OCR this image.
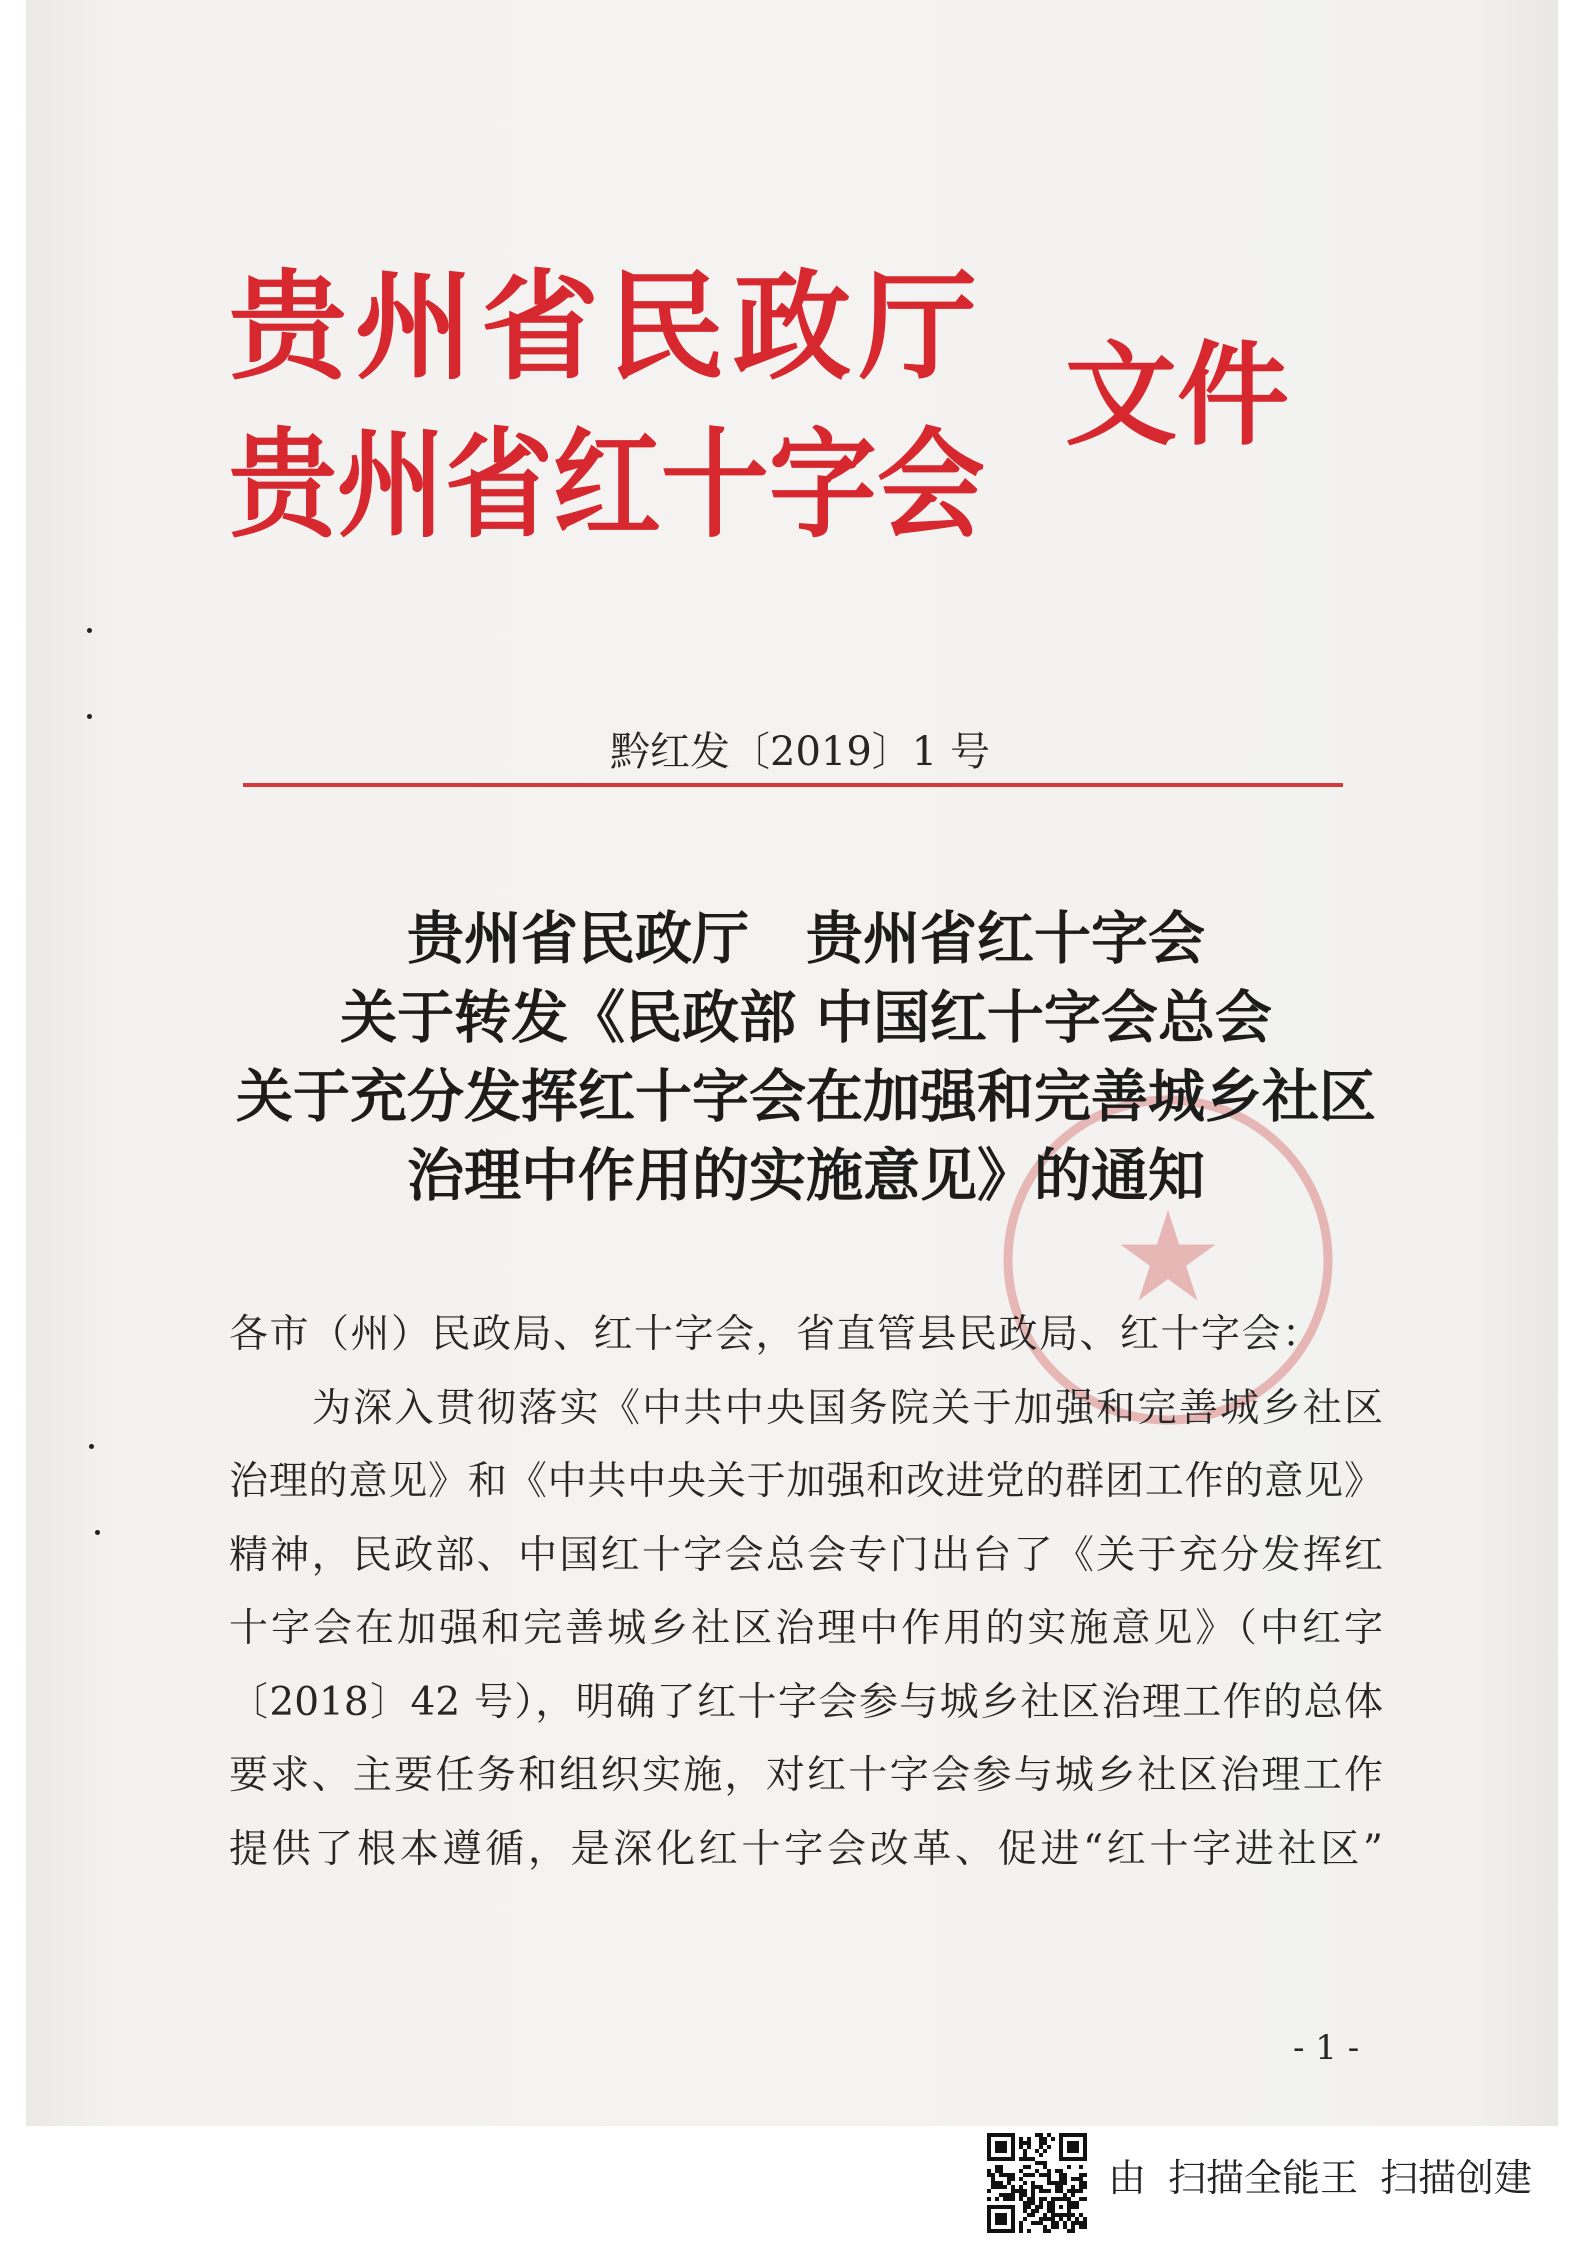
贵州省民政厅
贵州省红十字会
文件
黔红发〔2019〕1 号
贵州省民政厅　贵州省红十字会
关于转发《民政部 中国红十字会总会
关于充分发挥红十字会在加强和完善城乡社区
治理中作用的实施意见》的通知
各市（州）民政局、红十字会，省直管县民政局、红十字会：
为深入贯彻落实《中共中央国务院关于加强和完善城乡社区
治理的意见》和《中共中央关于加强和改进党的群团工作的意见》
精神，民政部、中国红十字会总会专门出台了《关于充分发挥红
十字会在加强和完善城乡社区治理中作用的实施意见》（中红字
〔2018〕42 号），明确了红十字会参与城乡社区治理工作的总体
要求、主要任务和组织实施，对红十字会参与城乡社区治理工作
提供了根本遵循，是深化红十字会改革、促进“红十字进社区”
- 1 -
由 扫描全能王 扫描创建
